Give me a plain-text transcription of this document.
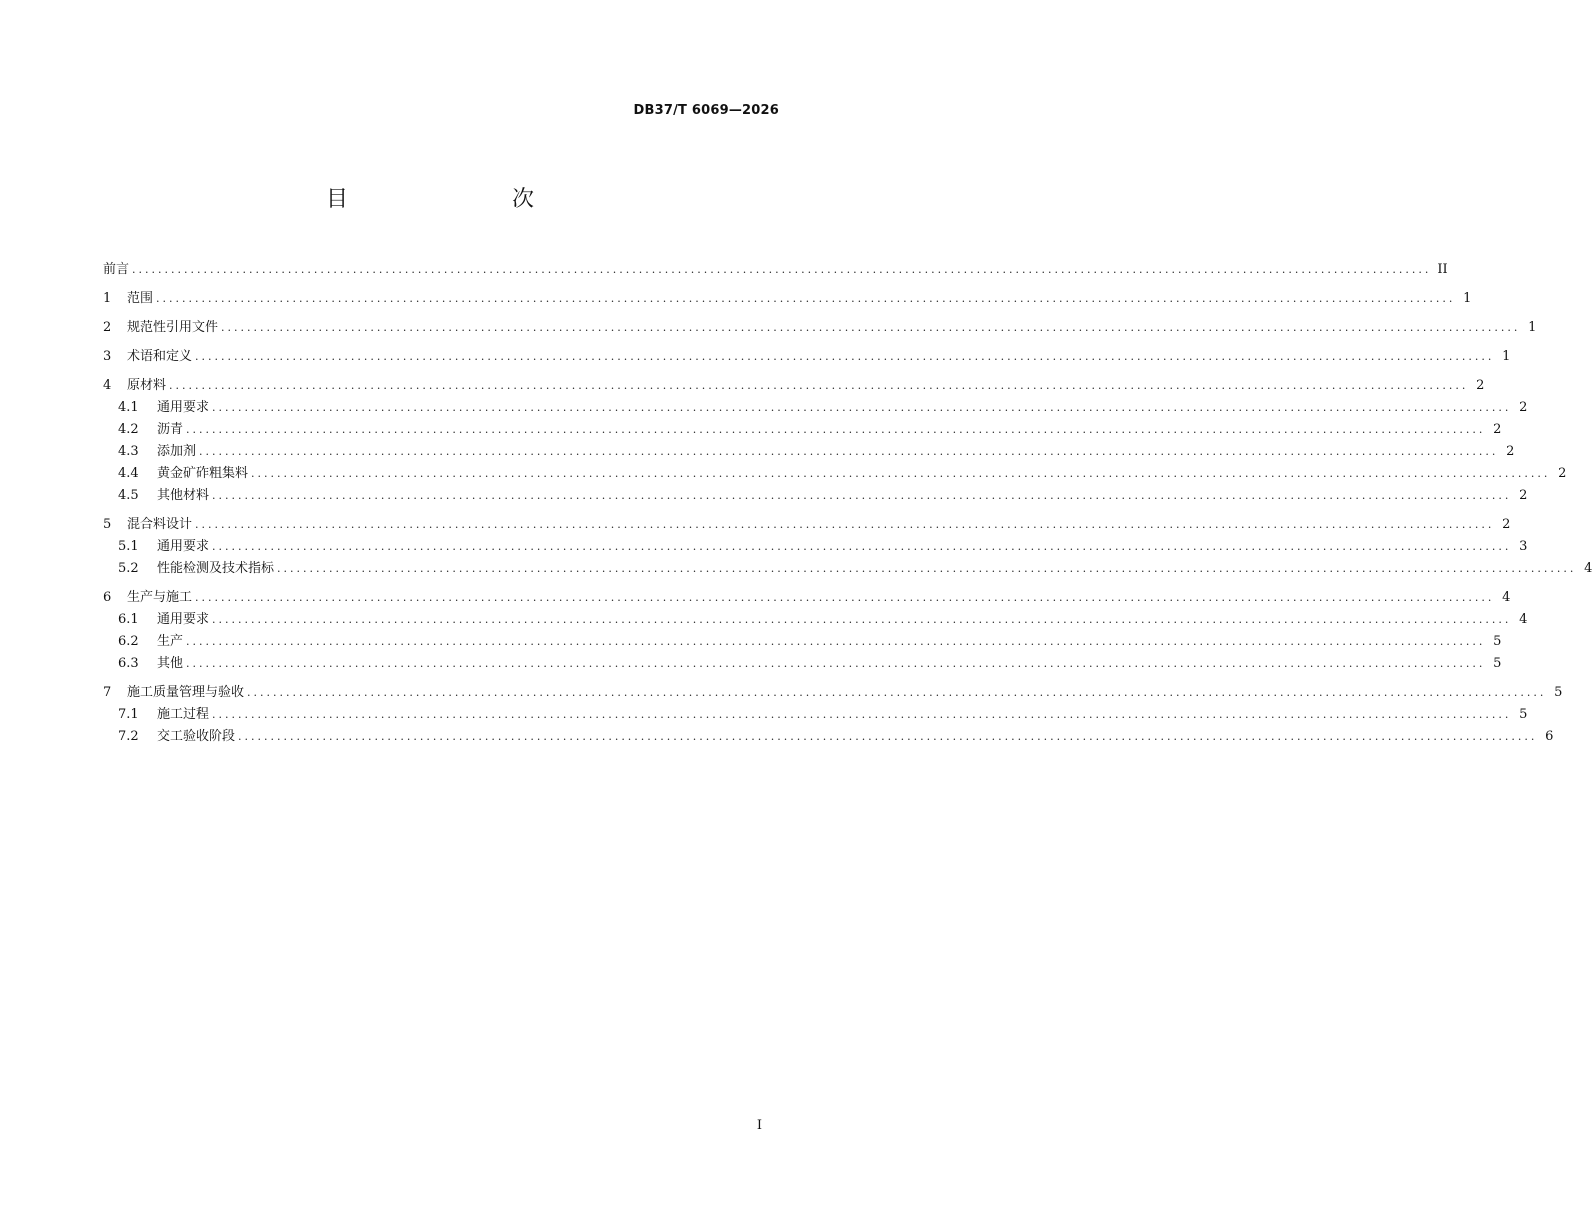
DB37/T 6069—2026
目　　次
前言 ........................................................................................................................................................................................................ II
1	范围 ........................................................................................................................................................................................................ 1
2	规范性引用文件 ........................................................................................................................................................................................................ 1
3	术语和定义 ........................................................................................................................................................................................................ 1
4	原材料 ........................................................................................................................................................................................................ 2
4.1	通用要求 ........................................................................................................................................................................................................ 2
4.2	沥青 ........................................................................................................................................................................................................ 2
4.3	添加剂 ........................................................................................................................................................................................................ 2
4.4	黄金矿砟粗集料 ........................................................................................................................................................................................................ 2
4.5	其他材料 ........................................................................................................................................................................................................ 2
5	混合料设计 ........................................................................................................................................................................................................ 2
5.1	通用要求 ........................................................................................................................................................................................................ 3
5.2	性能检测及技术指标 ........................................................................................................................................................................................................ 4
6	生产与施工 ........................................................................................................................................................................................................ 4
6.1	通用要求 ........................................................................................................................................................................................................ 4
6.2	生产 ........................................................................................................................................................................................................ 5
6.3	其他 ........................................................................................................................................................................................................ 5
7	施工质量管理与验收 ........................................................................................................................................................................................................ 5
7.1	施工过程 ........................................................................................................................................................................................................ 5
7.2	交工验收阶段 ........................................................................................................................................................................................................ 6
I
